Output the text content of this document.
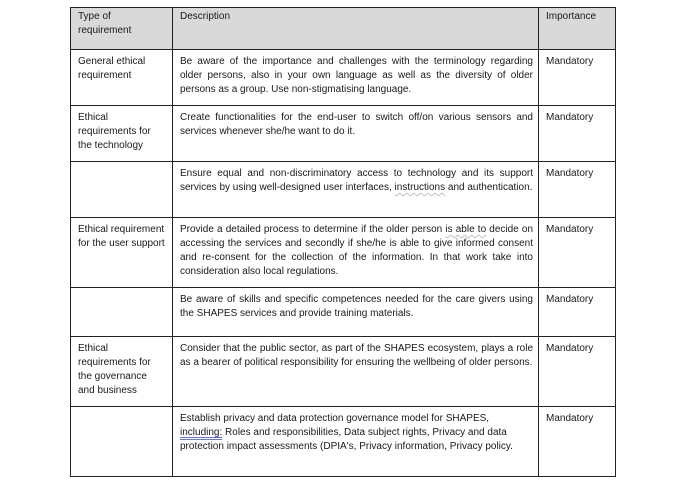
Type of requirement	Description	Importance
General ethical requirement	Be aware of the importance and challenges with the terminology regarding older persons, also in your own language as well as the diversity of older persons as a group. Use non-stigmatising language.	Mandatory
Ethical requirements for the technology	Create functionalities for the end-user to switch off/on various sensors and services whenever she/he want to do it.	Mandatory
	Ensure equal and non-discriminatory access to technology and its support services by using well-designed user interfaces, instructions and authentication.	Mandatory
Ethical requirement for the user support	Provide a detailed process to determine if the older person is able to decide on accessing the services and secondly if she/he is able to give informed consent and re-consent for the collection of the information. In that work take into consideration also local regulations.	Mandatory
	Be aware of skills and specific competences needed for the care givers using the SHAPES services and provide training materials.	Mandatory
Ethical requirements for the governance and business	Consider that the public sector, as part of the SHAPES ecosystem, plays a role as a bearer of political responsibility for ensuring the wellbeing of older persons.	Mandatory
	Establish privacy and data protection governance model for SHAPES, including: Roles and responsibilities, Data subject rights, Privacy and data protection impact assessments (DPIA's, Privacy information, Privacy policy.	Mandatory
